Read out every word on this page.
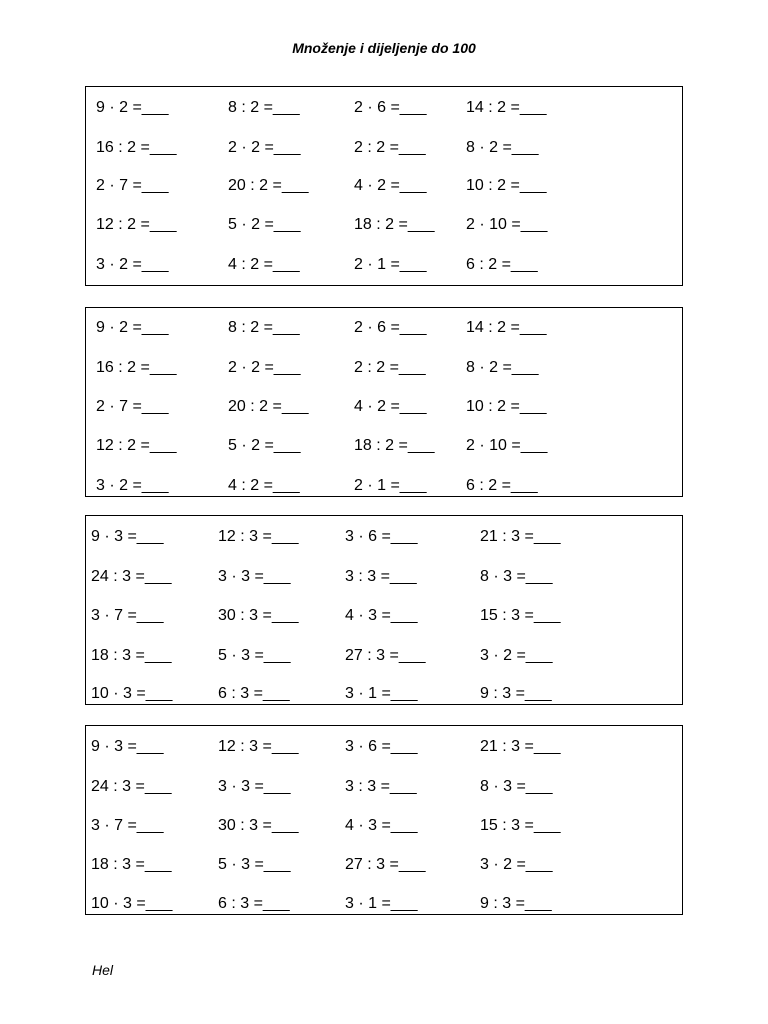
Množenje i dijeljenje do 100
9 · 2 =___	8 : 2 =___	2 · 6 =___ 14 : 2 =___
16 : 2 =___	2 · 2 =___	2 : 2 =___	8 · 2 =___
2 · 7 =___	20 : 2 =___	4 · 2 =___ 10 : 2 =___
12 : 2 =___	5 · 2 =___	18 : 2 =___ 2 · 10 =___
3 · 2 =___	4 : 2 =___	2 · 1 =___ 6 : 2 =___
9 · 2 =___	8 : 2 =___	2 · 6 =___ 14 : 2 =___
16 : 2 =___	2 · 2 =___	2 : 2 =___	8 · 2 =___
2 · 7 =___	20 : 2 =___	4 · 2 =___ 10 : 2 =___
12 : 2 =___	5 · 2 =___	18 : 2 =___ 2 · 10 =___
3 · 2 =___	4 : 2 =___	2 · 1 =___ 6 : 2 =___
9 · 3 =___	12 : 3 =___	3 · 6 =___	21 : 3 =___
24 : 3 =___	3 · 3 =___	3 : 3 =___	8 · 3 =___
3 · 7 =___	30 : 3 =___	4 · 3 =___	15 : 3 =___
18 : 3 =___	5 · 3 =___	27 : 3 =___	3 · 2 =___
10 · 3 =___	6 : 3 =___	3 · 1 =___	9 : 3 =___
9 · 3 =___	12 : 3 =___	3 · 6 =___	21 : 3 =___
24 : 3 =___	3 · 3 =___	3 : 3 =___	8 · 3 =___
3 · 7 =___	30 : 3 =___	4 · 3 =___	15 : 3 =___
18 : 3 =___	5 · 3 =___	27 : 3 =___	3 · 2 =___
10 · 3 =___	6 : 3 =___	3 · 1 =___	9 : 3 =___
Hel
